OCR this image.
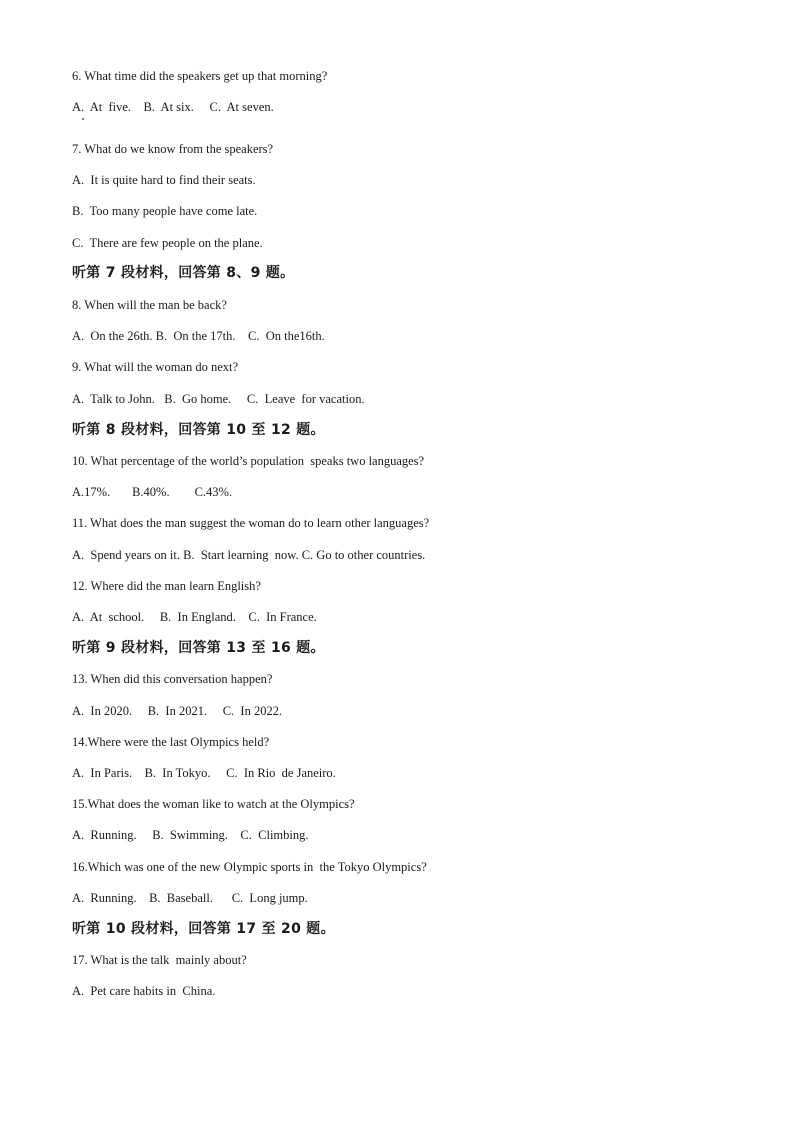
6. What time did the speakers get up that morning?
A.  At  five.    B.  At six.     C.  At seven.
7. What do we know from the speakers?
A.  It is quite hard to find their seats.
B.  Too many people have come late.
C.  There are few people on the plane.
听第 7 段材料，回答第 8、9 题。
8. When will the man be back?
A.  On the 26th. B.  On the 17th.    C.  On the16th.
9. What will the woman do next?
A.  Talk to John.   B.  Go home.     C.  Leave  for vacation.
听第 8 段材料，回答第 10 至 12 题。
10. What percentage of the world’s population  speaks two languages?
A.17%.       B.40%.        C.43%.
11. What does the man suggest the woman do to learn other languages?
A.  Spend years on it. B.  Start learning  now. C. Go to other countries.
12. Where did the man learn English?
A.  At  school.     B.  In England.    C.  In France.
听第 9 段材料，回答第 13 至 16 题。
13. When did this conversation happen?
A.  In 2020.     B.  In 2021.     C.  In 2022.
14.Where were the last Olympics held?
A.  In Paris.    B.  In Tokyo.     C.  In Rio  de Janeiro.
15.What does the woman like to watch at the Olympics?
A.  Running.     B.  Swimming.    C.  Climbing.
16.Which was one of the new Olympic sports in  the Tokyo Olympics?
A.  Running.    B.  Baseball.      C.  Long jump.
听第 10 段材料，回答第 17 至 20 题。
17. What is the talk  mainly about?
A.  Pet care habits in  China.
